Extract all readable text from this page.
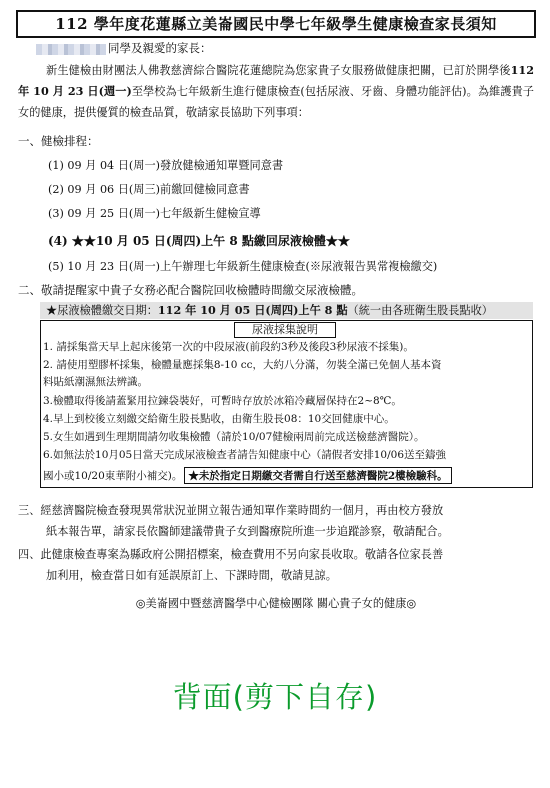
112 學年度花蓮縣立美崙國民中學七年級學生健康檢查家長須知
同學及親愛的家長：
新生健檢由財團法人佛教慈濟綜合醫院花蓮總院為您家貴子女服務做健康把關，已訂於開學後112 年 10 月 23 日(週一)至學校為七年級新生進行健康檢查(包括尿液、牙齒、身體功能評估)。為維護貴子女的健康，提供優質的檢查品質，敬請家長協助下列事項：
一、健檢排程：
(1) 09 月 04 日(周一)發放健檢通知單暨同意書
(2) 09 月 06 日(周三)前繳回健檢同意書
(3) 09 月 25 日(周一)七年級新生健檢宣導
(4) ★★10 月 05 日(周四)上午 8 點繳回尿液檢體★★
(5) 10 月 23 日(周一)上午辦理七年級新生健康檢查(※尿液報告異常複檢繳交)
二、敬請提醒家中貴子女務必配合醫院回收檢體時間繳交尿液檢體。
★尿液檢體繳交日期：112 年 10 月 05 日(周四)上午 8 點（統一由各班衛生股長點收）
尿液採集說明
1. 請採集當天早上起床後第一次的中段尿液(前段約3秒及後段3秒尿液不採集)。
2. 請使用塑膠杯採集，檢體量應採集8-10 cc，大約八分滿，勿裝全滿已免個人基本資
料貼紙潮濕無法辨識。
3.檢體取得後請蓋緊用拉鍊袋裝好，可暫時存放於冰箱冷藏層保持在2~8℃。
4.早上到校後立刻繳交給衛生股長點收，由衛生股長08：10交回健康中心。
5.女生如遇到生理期間請勿收集檢體（請於10/07健檢兩周前完成送檢慈濟醫院）。
6.如無法於10月05日當天完成尿液檢查者請告知健康中心（請假者安排10/06送至鑄強
國小或10/20東華附小補交)。 ★未於指定日期繳交者需自行送至慈濟醫院2樓檢驗科。
三、經慈濟醫院檢查發現異常狀況並開立報告通知單作業時間約一個月，再由校方發放
紙本報告單，請家長依醫師建議帶貴子女到醫療院所進一步追蹤診察，敬請配合。
四、此健康檢查專案為縣政府公開招標案，檢查費用不另向家長收取。敬請各位家長善
加利用，檢查當日如有延誤原訂上、下課時間，敬請見諒。
◎美崙國中暨慈濟醫學中心健檢團隊 關心貴子女的健康◎
背面(剪下自存)
